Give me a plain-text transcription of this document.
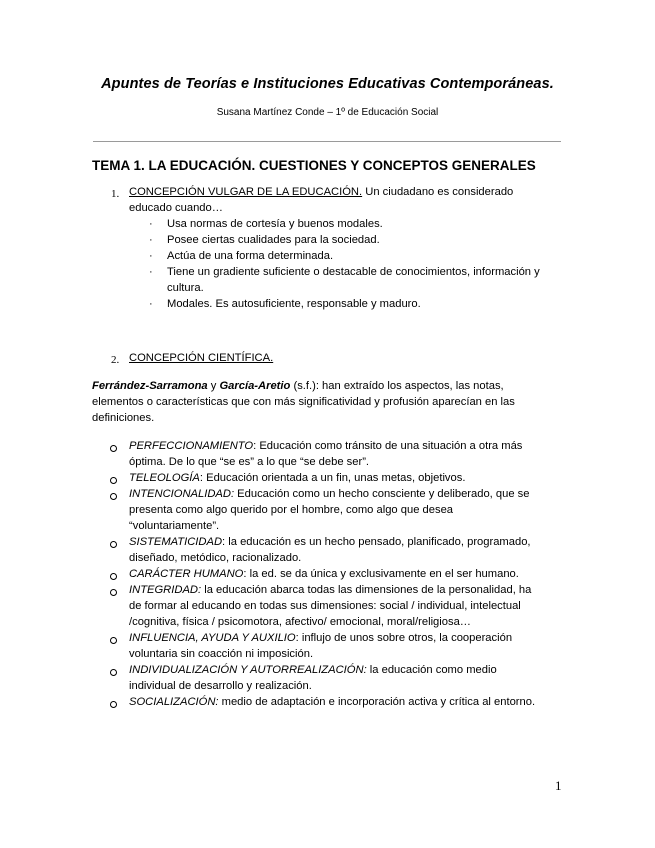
Apuntes de Teorías e Instituciones Educativas Contemporáneas.
Susana Martínez Conde – 1º de Educación Social
TEMA 1. LA EDUCACIÓN. CUESTIONES Y CONCEPTOS GENERALES
1. CONCEPCIÓN VULGAR DE LA EDUCACIÓN. Un ciudadano es considerado
educado cuando…
· Usa normas de cortesía y buenos modales.
· Posee ciertas cualidades para la sociedad.
· Actúa de una forma determinada.
· Tiene un gradiente suficiente o destacable de conocimientos, información y
cultura.
· Modales. Es autosuficiente, responsable y maduro.
2. CONCEPCIÓN CIENTÍFICA.
Ferrández-Sarramona y García-Aretio (s.f.): han extraído los aspectos, las notas,
elementos o características que con más significatividad y profusión aparecían en las
definiciones.
PERFECCIONAMIENTO: Educación como tránsito de una situación a otra más
óptima. De lo que “se es” a lo que “se debe ser”.
TELEOLOGÍA: Educación orientada a un fin, unas metas, objetivos.
INTENCIONALIDAD: Educación como un hecho consciente y deliberado, que se
presenta como algo querido por el hombre, como algo que desea
“voluntariamente”.
SISTEMATICIDAD: la educación es un hecho pensado, planificado, programado,
diseñado, metódico, racionalizado.
CARÁCTER HUMANO: la ed. se da única y exclusivamente en el ser humano.
INTEGRIDAD: la educación abarca todas las dimensiones de la personalidad, ha
de formar al educando en todas sus dimensiones: social / individual, intelectual
/cognitiva, física / psicomotora, afectivo/ emocional, moral/religiosa…
INFLUENCIA, AYUDA Y AUXILIO: influjo de unos sobre otros, la cooperación
voluntaria sin coacción ni imposición.
INDIVIDUALIZACIÓN Y AUTORREALIZACIÓN: la educación como medio
individual de desarrollo y realización.
SOCIALIZACIÓN: medio de adaptación e incorporación activa y crítica al entorno.
1
